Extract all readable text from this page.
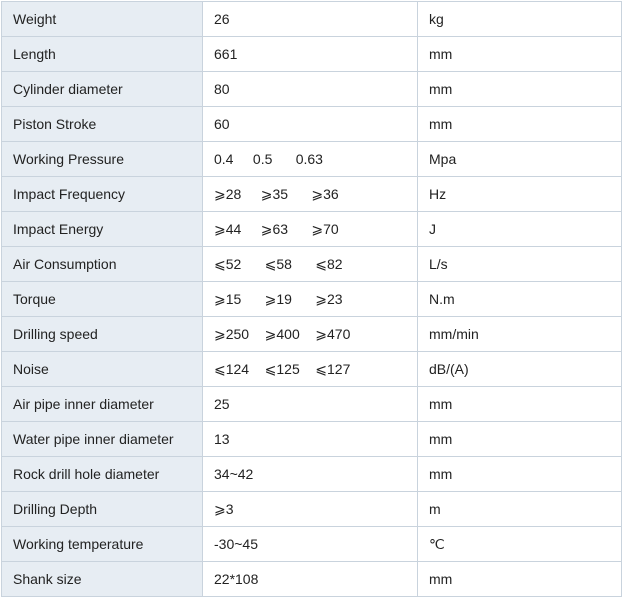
Weight	26	kg
Length	661	mm
Cylinder diameter	80	mm
Piston Stroke	60	mm
Working Pressure	0.4     0.5      0.63	Mpa
Impact Frequency	⩾28     ⩾35      ⩾36	Hz
Impact Energy	⩾44     ⩾63      ⩾70	J
Air Consumption	⩽52      ⩽58      ⩽82	L/s
Torque	⩾15      ⩾19      ⩾23	N.m
Drilling speed	⩾250    ⩾400    ⩾470	mm/min
Noise	⩽124    ⩽125    ⩽127	dB/(A)
Air pipe inner diameter	25	mm
Water pipe inner diameter	13	mm
Rock drill hole diameter	34~42	mm
Drilling Depth	⩾3	m
Working temperature	-30~45	℃
Shank size	22*108	mm
